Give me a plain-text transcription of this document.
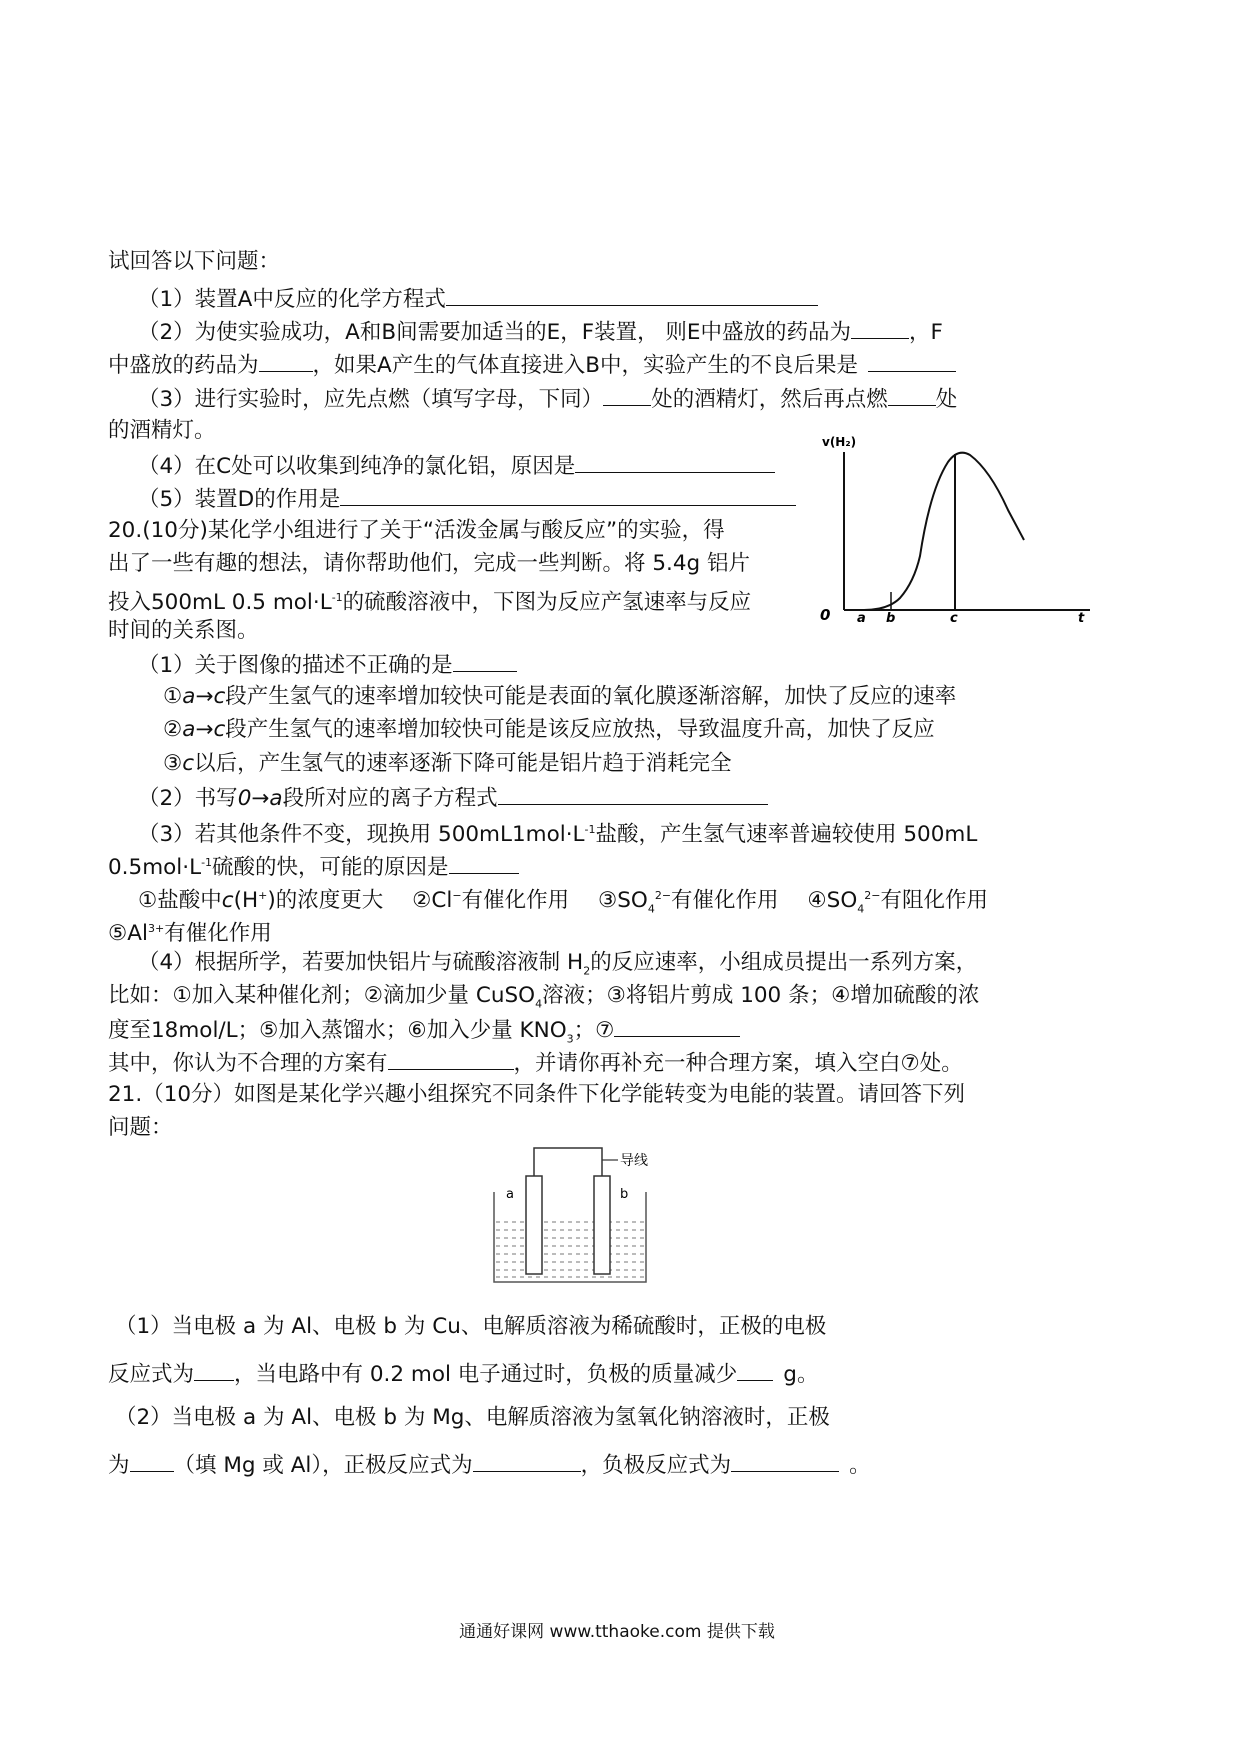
试回答以下问题：
（1）装置A中反应的化学方程式
（2）为使实验成功，A和B间需要加适当的E，F装置， 则E中盛放的药品为	，F
中盛放的药品为	，如果A产生的气体直接进入B中，实验产生的不良后果是
（3）进行实验时，应先点燃（填写字母，下同） 处的酒精灯，然后再点燃 处
的酒精灯。
（4）在C处可以收集到纯净的氯化铝，原因是
（5）装置D的作用是
20.(10分)某化学小组进行了关于“活泼金属与酸反应”的实验，得
出了一些有趣的想法，请你帮助他们，完成一些判断。将 5.4g 铝片
投入500mL 0.5 $mol\cdot L^{-1}$的硫酸溶液中，下图为反应产氢速率与反应
时间的关系图。
v(H₂)
0 a b	c	t
（1）关于图像的描述不正确的是
①a→c段产生氢气的速率增加较快可能是表面的氧化膜逐渐溶解，加快了反应的速率
②a→c段产生氢气的速率增加较快可能是该反应放热，导致温度升高，加快了反应
③c以后，产生氢气的速率逐渐下降可能是铝片趋于消耗完全
（2）书写0→a段所对应的离子方程式
（3）若其他条件不变，现换用 $500mL1mol\cdot L^{-1}$盐酸，产生氢气速率普遍较使用 500mL
$0.5mol\cdot L^{-1}$硫酸的快，可能的原因是
①盐酸中c(H+)的浓度更大 ②Cl−有催化作用 $③SO_4^{2-}$有催化作用 $④SO_4^{2-}$有阻化作用
$⑤Al^{3+}$有催化作用
（4）根据所学，若要加快铝片与硫酸溶液制 $H_2$的反应速率，小组成员提出一系列方案，
比如：①加入某种催化剂；②滴加少量 CuSO$_4$溶液；③将铝片剪成 100 条；④增加硫酸的浓
度至18mol/L；⑤加入蒸馏水；⑥加入少量 $KNO_3$；⑦
其中，你认为不合理的方案有	，并请你再补充一种合理方案，填入空白⑦处。
21.（10分）如图是某化学兴趣小组探究不同条件下化学能转变为电能的装置。请回答下列
问题：
导线
a	b
（1）当电极 a 为 Al、电极 b 为 Cu、电解质溶液为稀硫酸时，正极的电极
反应式为 ，当电路中有 0.2 mol 电子通过时，负极的质量减少 g。
（2）当电极 a 为 Al、电极 b 为 Mg、电解质溶液为氢氧化钠溶液时，正极
为 （填 Mg 或 Al），正极反应式为	，负极反应式为	。
通通好课网 www.tthaoke.com 提供下载
